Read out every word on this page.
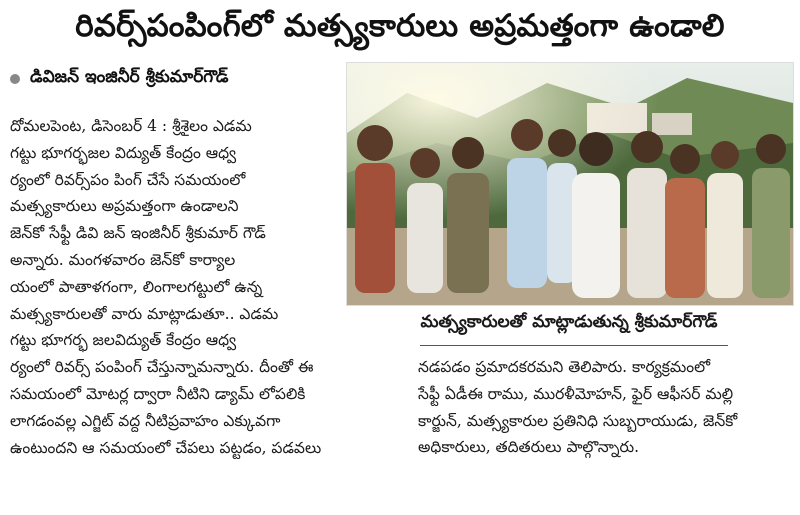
రివర్స్‌పంపింగ్‌లో మత్స్యకారులు అప్రమత్తంగా ఉండాలి
డివిజన్ ఇంజినీర్ శ్రీకుమార్‌గౌడ్
దోమలపెంట, డిసెంబర్ 4 : శ్రీశైలం ఎడమ
గట్టు భూగర్భజల విద్యుత్ కేంద్రం ఆధ్వ
ర్యంలో రివర్స్‌పం పింగ్ చేసే సమయంలో
మత్స్యకారులు అప్రమత్తంగా ఉండాలని
జెన్‌కో సేఫ్టీ డివి జన్ ఇంజినీర్ శ్రీకుమార్ గౌడ్
అన్నారు. మంగళవారం జెన్‌కో కార్యాల
యంలో పాతాళగంగా, లింగాలగట్టులో ఉన్న
మత్స్యకారులతో వారు మాట్లాడుతూ.. ఎడమ
గట్టు భూగర్భ జలవిద్యుత్ కేంద్రం ఆధ్వ
ర్యంలో రివర్స్ పంపింగ్ చేస్తున్నామన్నారు. దీంతో ఈ
సమయంలో మోటర్ల ద్వారా నీటిని డ్యామ్ లోపలికి
లాగడంవల్ల ఎగ్జిట్ వద్ద నీటిప్రవాహం ఎక్కువగా
ఉంటుందని ఆ సమయంలో చేపలు పట్టడం, పడవలు
మత్స్యకారులతో మాట్లాడుతున్న శ్రీకుమార్‌గౌడ్
నడపడం ప్రమాదకరమని తెలిపారు. కార్యక్రమంలో
సేఫ్టీ ఏడీఈ రాము, మురళీమోహన్, ఫైర్ ఆఫీసర్ మల్లి
కార్జున్, మత్స్యకారుల ప్రతినిధి సుబ్బరాయుడు, జెన్‌కో
అధికారులు, తదితరులు పాల్గొన్నారు.
